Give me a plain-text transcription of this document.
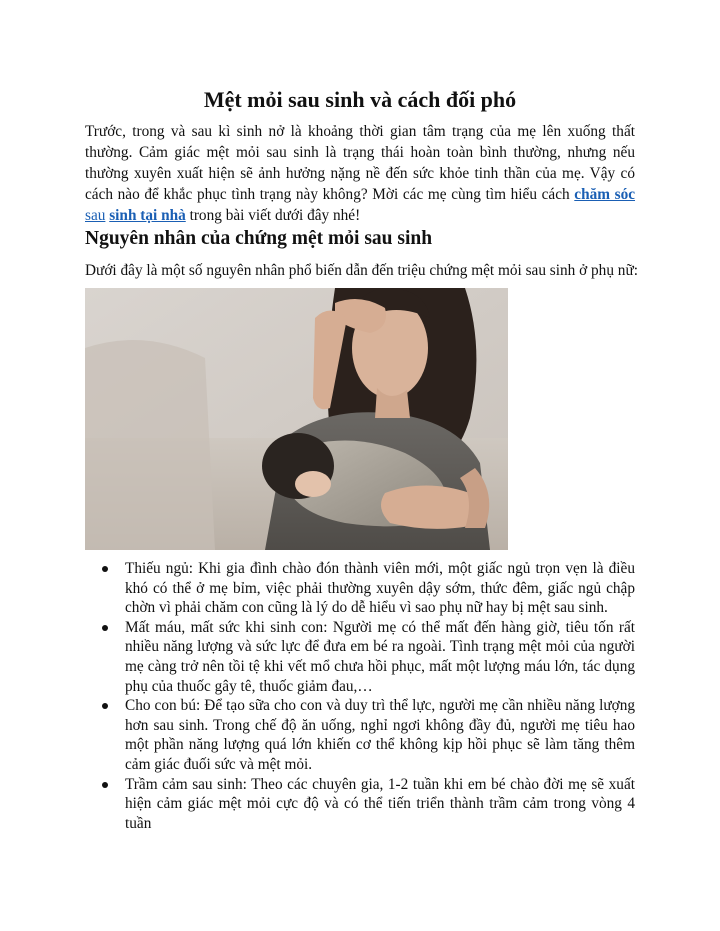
Mệt mỏi sau sinh và cách đối phó

Trước, trong và sau kì sinh nở là khoảng thời gian tâm trạng của mẹ lên xuống thất thường. Cảm giác mệt mỏi sau sinh là trạng thái hoàn toàn bình thường, nhưng nếu thường xuyên xuất hiện sẽ ảnh hưởng nặng nề đến sức khỏe tinh thần của mẹ. Vậy có cách nào để khắc phục tình trạng này không? Mời các mẹ cùng tìm hiểu cách chăm sóc sau sinh tại nhà trong bài viết dưới đây nhé!

Nguyên nhân của chứng mệt mỏi sau sinh

Dưới đây là một số nguyên nhân phổ biến dẫn đến triệu chứng mệt mỏi sau sinh ở phụ nữ:

Thiếu ngủ: Khi gia đình chào đón thành viên mới, một giấc ngủ trọn vẹn là điều khó có thể ở mẹ bỉm, việc phải thường xuyên dậy sớm, thức đêm, giấc ngủ chập chờn vì phải chăm con cũng là lý do dễ hiểu vì sao phụ nữ hay bị mệt sau sinh.
Mất máu, mất sức khi sinh con: Người mẹ có thể mất đến hàng giờ, tiêu tốn rất nhiều năng lượng và sức lực để đưa em bé ra ngoài. Tình trạng mệt mỏi của người mẹ càng trở nên tồi tệ khi vết mổ chưa hồi phục, mất một lượng máu lớn, tác dụng phụ của thuốc gây tê, thuốc giảm đau,…
Cho con bú: Để tạo sữa cho con và duy trì thể lực, người mẹ cần nhiều năng lượng hơn sau sinh. Trong chế độ ăn uống, nghỉ ngơi không đầy đủ, người mẹ tiêu hao một phần năng lượng quá lớn khiến cơ thể không kịp hồi phục sẽ làm tăng thêm cảm giác đuối sức và mệt mỏi.
Trầm cảm sau sinh: Theo các chuyên gia, 1-2 tuần khi em bé chào đời mẹ sẽ xuất hiện cảm giác mệt mỏi cực độ và có thể tiến triển thành trầm cảm trong vòng 4 tuần
